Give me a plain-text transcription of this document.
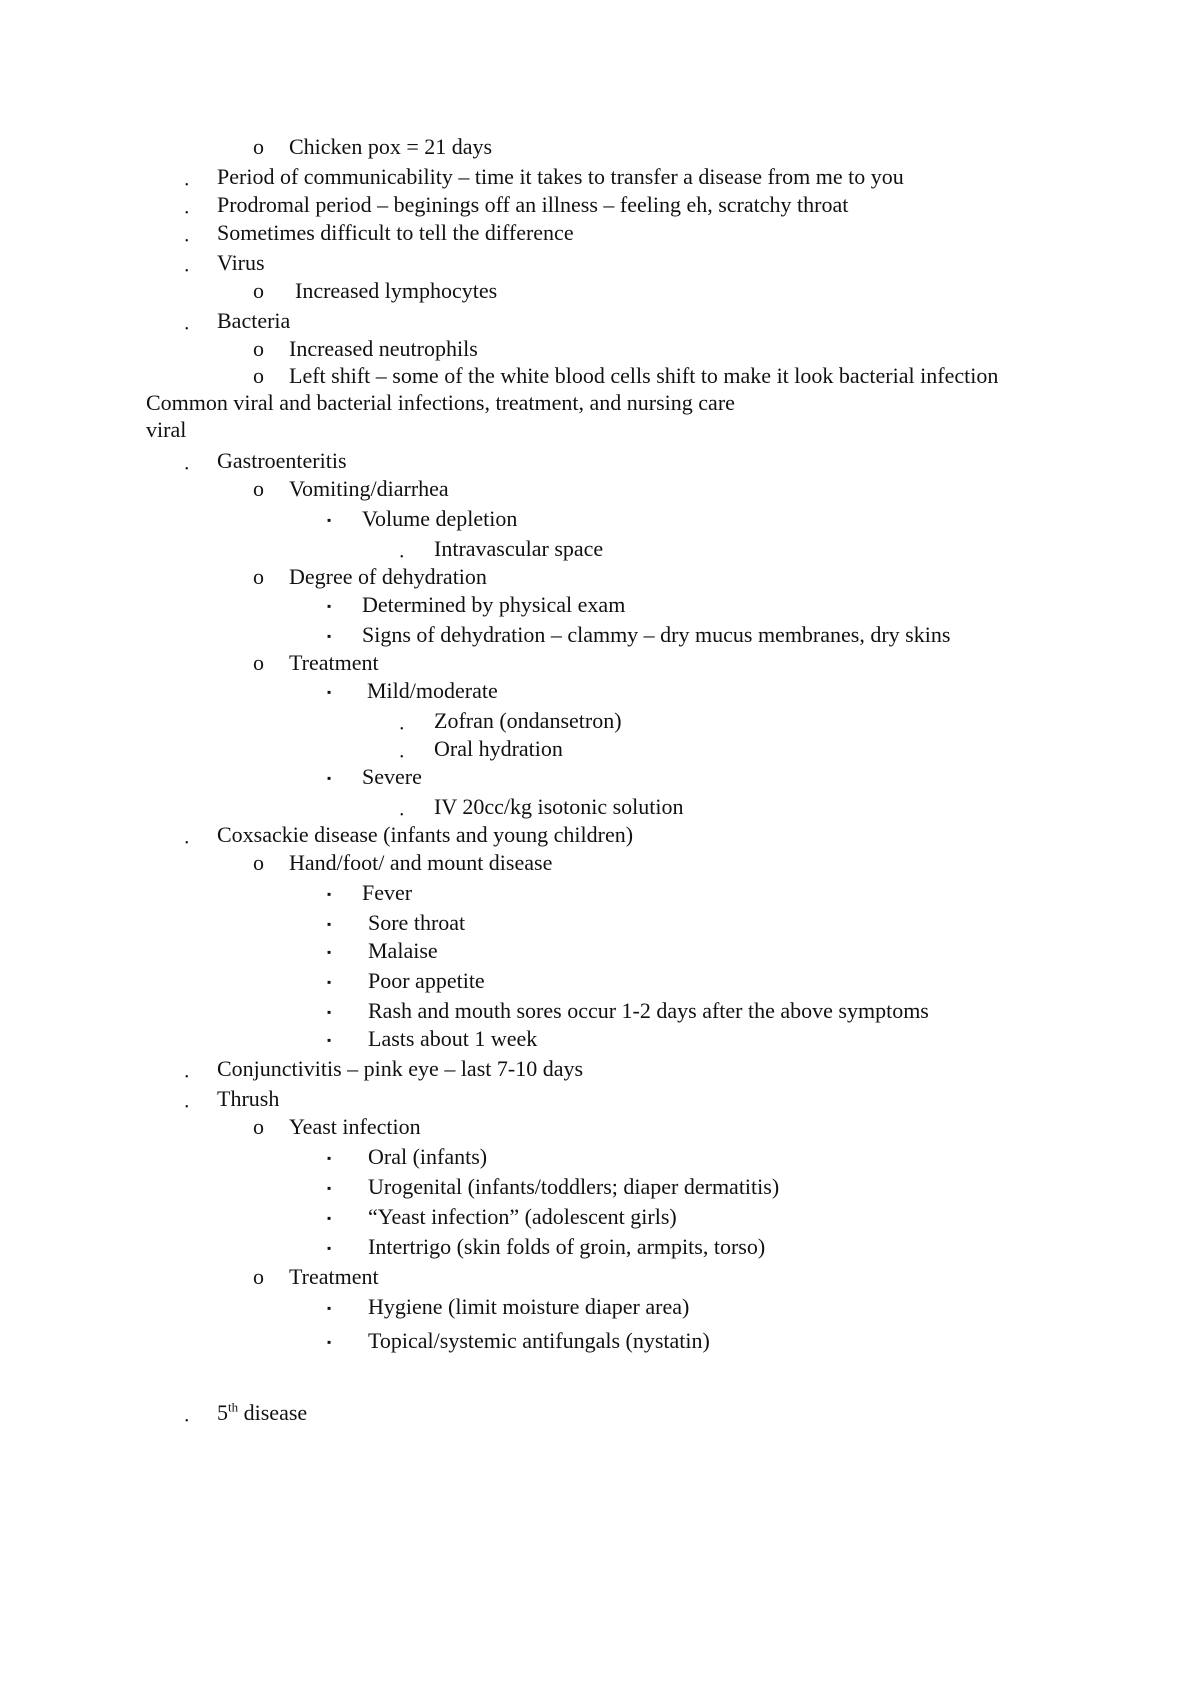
• 5th disease
o Chicken pox = 21 days
• Period of communicability – time it takes to transfer a disease from me to you
• Prodromal period – beginings off an illness – feeling eh, scratchy throat
• Sometimes difficult to tell the difference
• Virus
o Increased lymphocytes
• Bacteria
o Increased neutrophils
o Left shift – some of the white blood cells shift to make it look bacterial infection
Common viral and bacterial infections, treatment, and nursing care
viral
• Gastroenteritis
o Vomiting/diarrhea
▪ Volume depletion
• Intravascular space
o Degree of dehydration
▪ Determined by physical exam
▪ Signs of dehydration – clammy – dry mucus membranes, dry skins
o Treatment
▪ Mild/moderate
• Zofran (ondansetron)
• Oral hydration
▪ Severe
• IV 20cc/kg isotonic solution
• Coxsackie disease (infants and young children)
o Hand/foot/ and mount disease
▪ Fever
▪ Sore throat
▪ Malaise
▪ Poor appetite
▪ Rash and mouth sores occur 1-2 days after the above symptoms
▪ Lasts about 1 week
• Conjunctivitis – pink eye – last 7-10 days
• Thrush
o Yeast infection
▪ Oral (infants)
▪ Urogenital (infants/toddlers; diaper dermatitis)
▪ “Yeast infection” (adolescent girls)
▪ Intertrigo (skin folds of groin, armpits, torso)
o Treatment
▪ Hygiene (limit moisture diaper area)
▪ Topical/systemic antifungals (nystatin)
